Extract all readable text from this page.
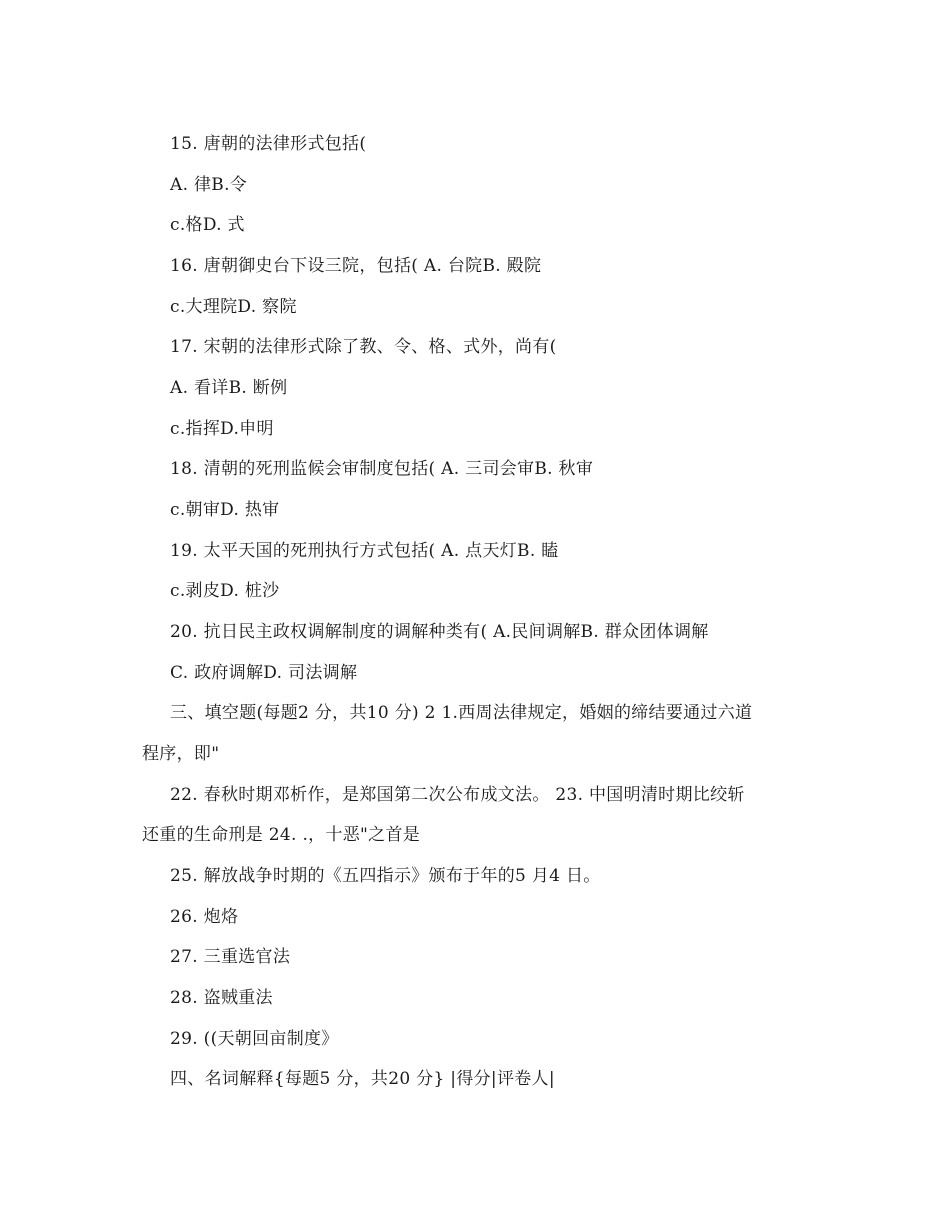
15. 唐朝的法律形式包括(
A. 律B.令
c.格D. 式
16. 唐朝御史台下设三院，包括( A. 台院B. 殿院
c.大理院D. 察院
17. 宋朝的法律形式除了教、令、格、式外，尚有(
A. 看详B. 断例
c.指挥D.申明
18. 清朝的死刑监候会审制度包括( A. 三司会审B. 秋审
c.朝审D. 热审
19. 太平天国的死刑执行方式包括( A. 点天灯B. 瞌
c.剥皮D. 桩沙
20. 抗日民主政权调解制度的调解种类有( A.民间调解B. 群众团体调解
C. 政府调解D. 司法调解
三、填空题(每题2 分，共10 分) 2 1.西周法律规定，婚姻的缔结要通过六道
程序，即"
22. 春秋时期邓析作，是郑国第二次公布成文法。 23. 中国明清时期比绞斩
还重的生命刑是 24. .，十恶"之首是
25. 解放战争时期的《五四指示》颁布于年的5 月4 日。
26. 炮烙
27. 三重选官法
28. 盗贼重法
29. ((天朝回亩制度》
四、名词解释{每题5 分，共20 分} |得分|评卷人|
